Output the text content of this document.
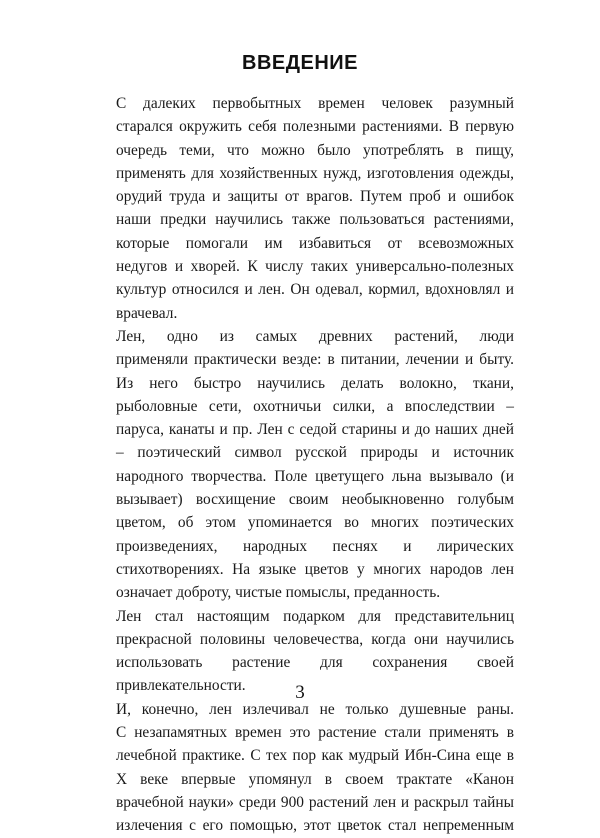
ВВЕДЕНИЕ
С далеких первобытных времен человек разумный
старался окружить себя полезными растениями. В первую
очередь теми, что можно было употреблять в пищу,
применять для хозяйственных нужд, изготовления одежды,
орудий труда и защиты от врагов. Путем проб и ошибок
наши предки научились также пользоваться растениями,
которые помогали им избавиться от всевозможных
недугов и хворей. К числу таких универсально-полезных
культур относился и лен. Он одевал, кормил, вдохновлял и
врачевал.
Лен, одно из самых древних растений, люди
применяли практически везде: в питании, лечении и быту.
Из него быстро научились делать волокно, ткани,
рыболовные сети, охотничьи силки, а впоследствии –
паруса, канаты и пр. Лен с седой старины и до наших дней
– поэтический символ русской природы и источник
народного творчества. Поле цветущего льна вызывало (и
вызывает) восхищение своим необыкновенно голубым
цветом, об этом упоминается во многих поэтических
произведениях, народных песнях и лирических
стихотворениях. На языке цветов у многих народов лен
означает доброту, чистые помыслы, преданность.
Лен стал настоящим подарком для представительниц
прекрасной половины человечества, когда они научились
использовать растение для сохранения своей
привлекательности.
И, конечно, лен излечивал не только душевные раны.
С незапамятных времен это растение стали применять в
лечебной практике. С тех пор как мудрый Ибн-Сина еще в
X веке впервые упомянул в своем трактате «Канон
врачебной науки» среди 900 растений лен и раскрыл тайны
излечения с его помощью, этот цветок стал непременным
3
